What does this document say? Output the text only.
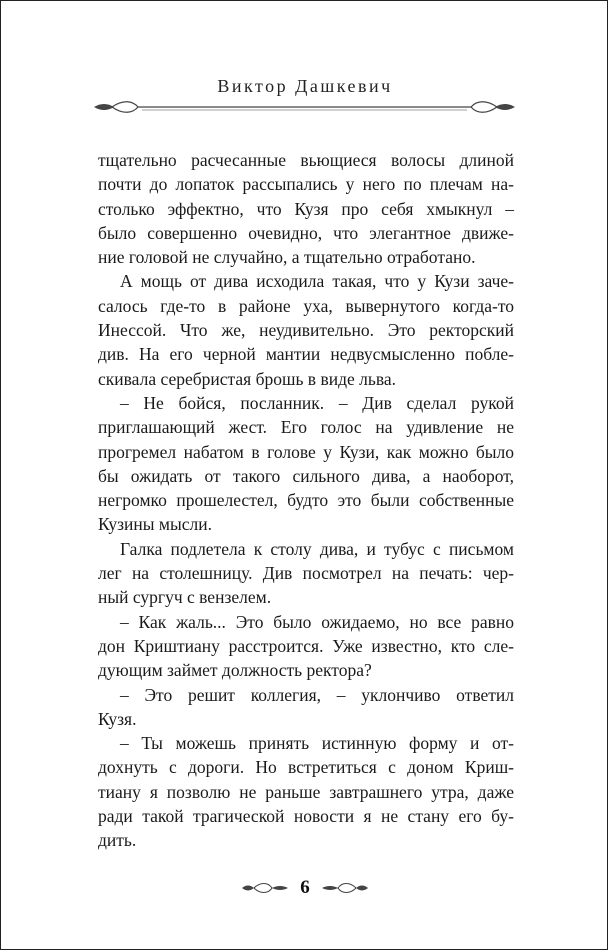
Виктор Дашкевич
тщательно расчесанные вьющиеся волосы длиной
почти до лопаток рассыпались у него по плечам на-
столько эффектно, что Кузя про себя хмыкнул –
было совершенно очевидно, что элегантное движе-
ние головой не случайно, а тщательно отработано.
А мощь от дива исходила такая, что у Кузи заче-
салось где-то в районе уха, вывернутого когда-то
Инессой. Что же, неудивительно. Это ректорский
див. На его черной мантии недвусмысленно побле-
скивала серебристая брошь в виде льва.
– Не бойся, посланник. – Див сделал рукой
приглашающий жест. Его голос на удивление не
прогремел набатом в голове у Кузи, как можно было
бы ожидать от такого сильного дива, а наоборот,
негромко прошелестел, будто это были собственные
Кузины мысли.
Галка подлетела к столу дива, и тубус с письмом
лег на столешницу. Див посмотрел на печать: чер-
ный сургуч с вензелем.
– Как жаль... Это было ожидаемо, но все равно
дон Криштиану расстроится. Уже известно, кто сле-
дующим займет должность ректора?
– Это решит коллегия, – уклончиво ответил
Кузя.
– Ты можешь принять истинную форму и от-
дохнуть с дороги. Но встретиться с доном Криш-
тиану я позволю не раньше завтрашнего утра, даже
ради такой трагической новости я не стану его бу-
дить.
6
